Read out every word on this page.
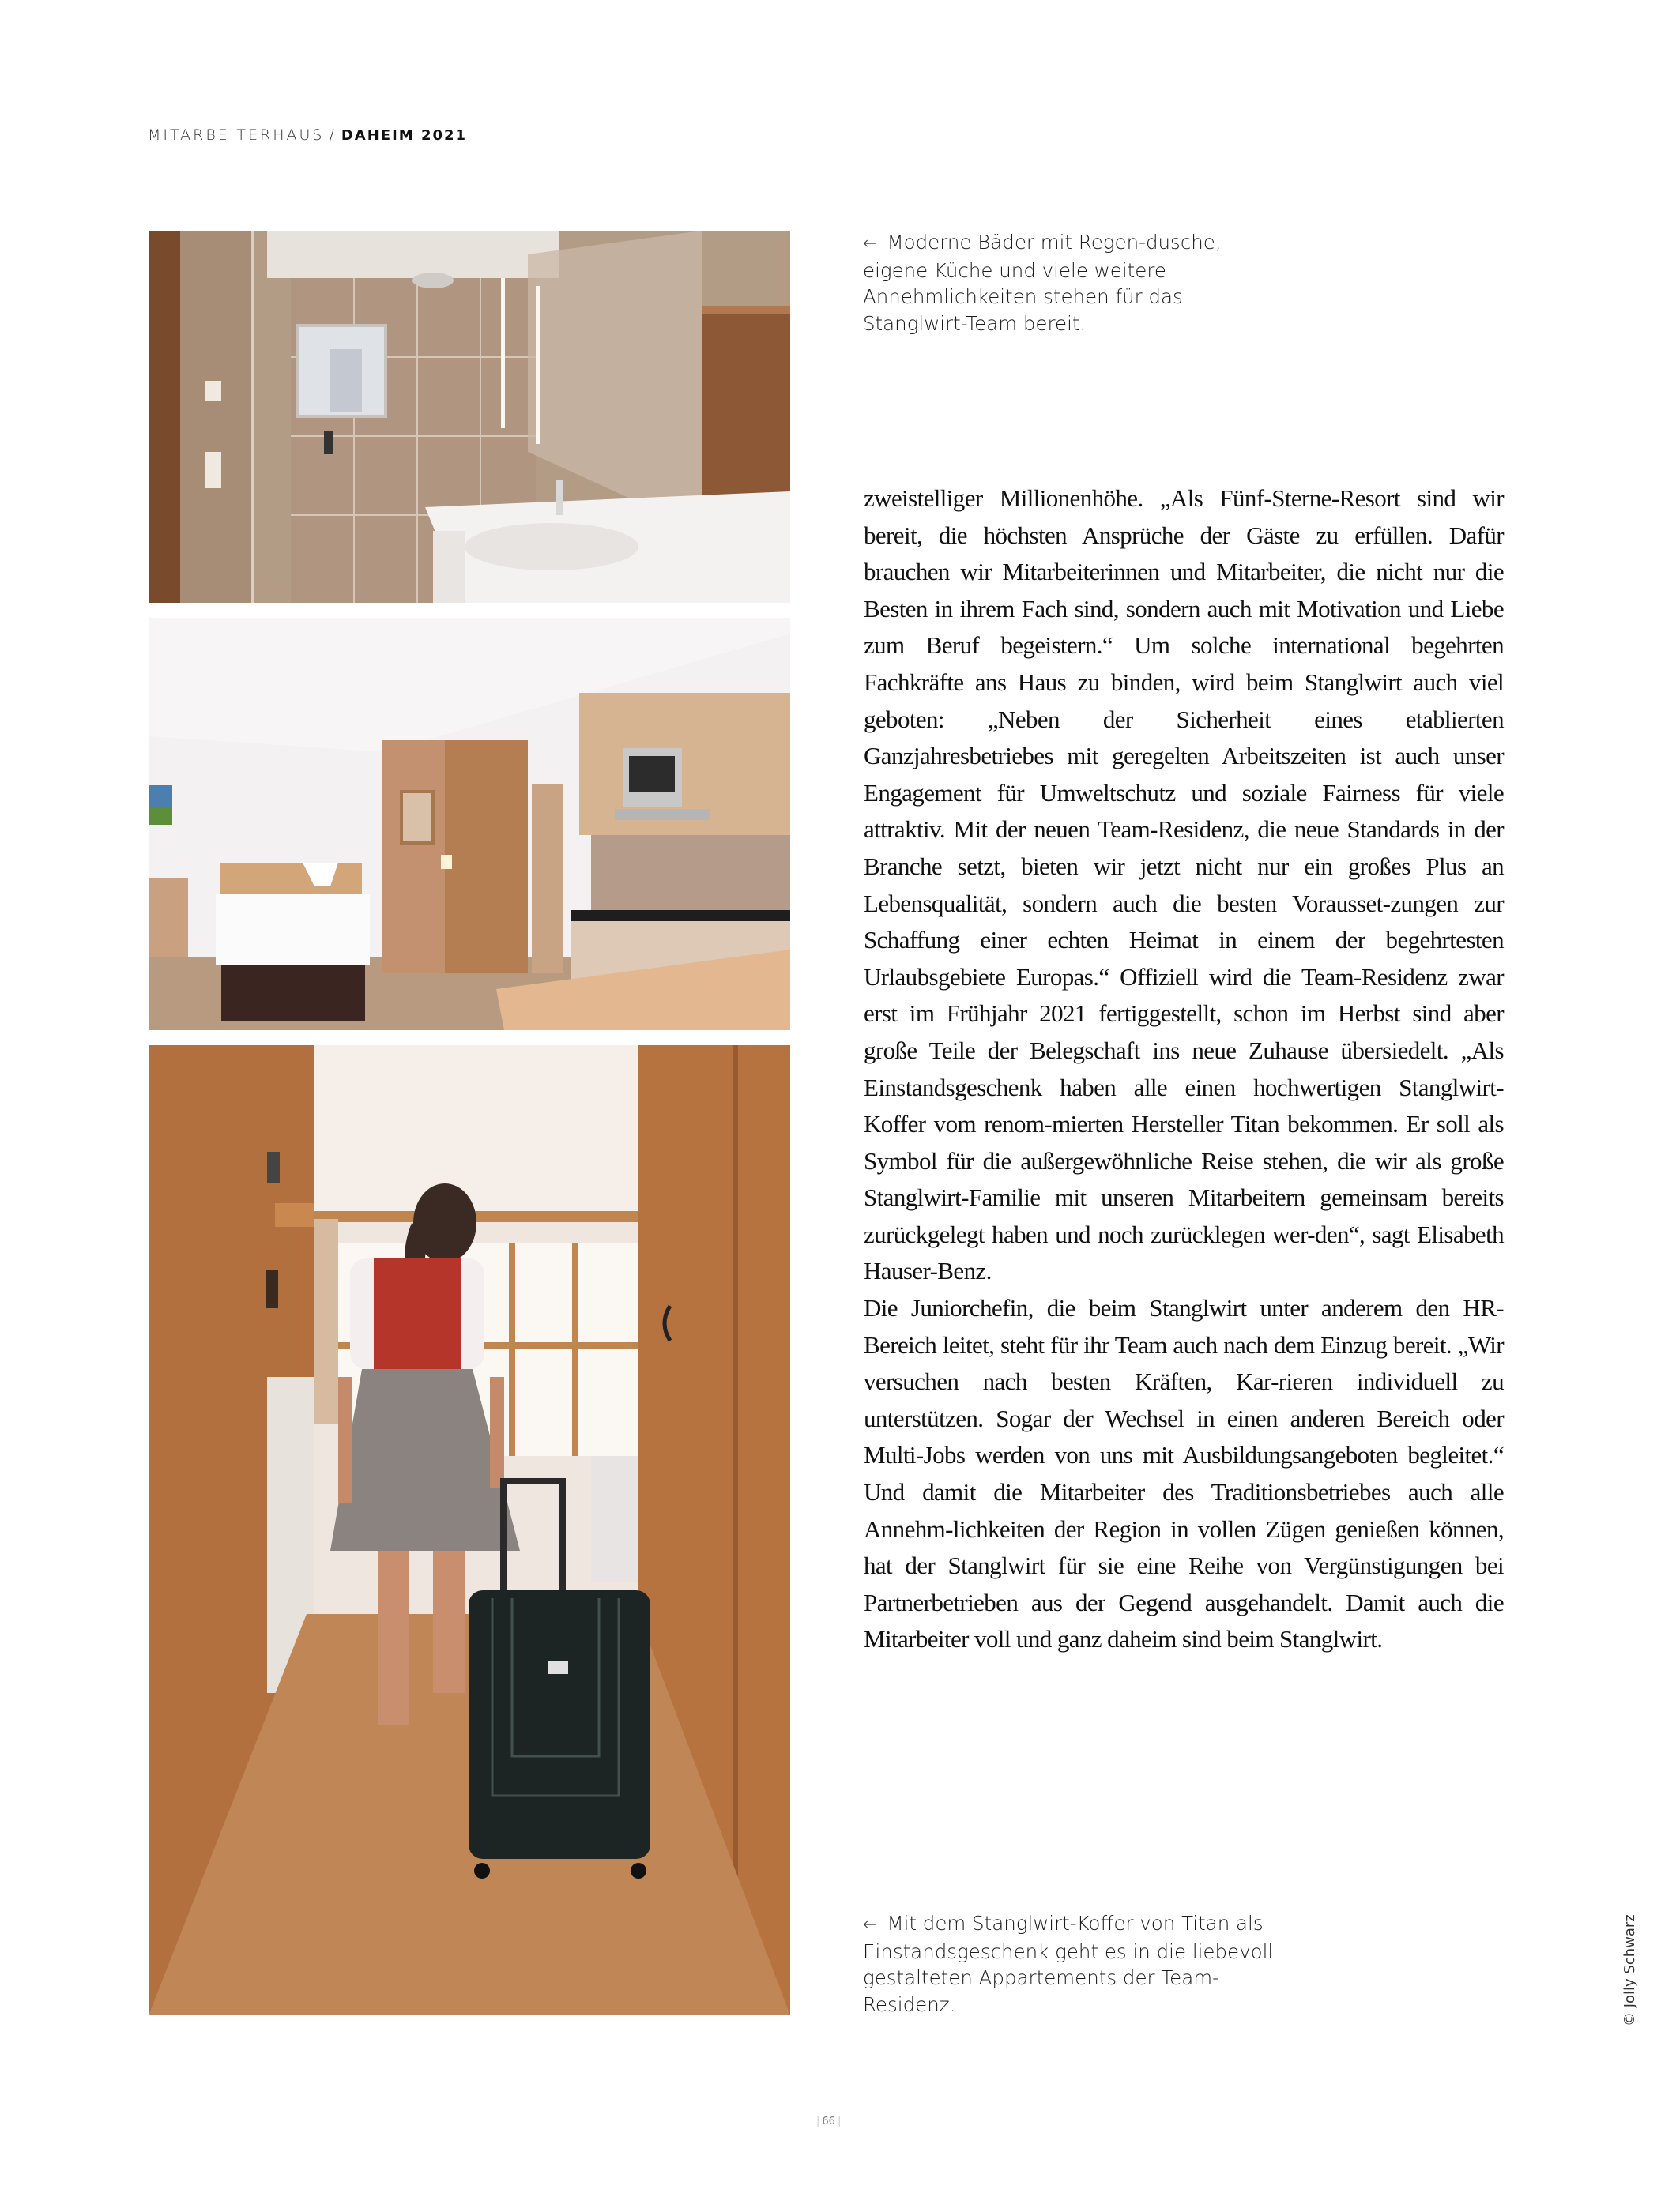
MITARBEITERHAUS / DAHEIM 2021
← Moderne Bäder mit Regen-dusche, eigene Küche und viele weitere Annehmlichkeiten stehen für das Stanglwirt-Team bereit.

zweistelliger Millionenhöhe. „Als Fünf-Sterne-Resort sind wir bereit, die höchsten Ansprüche der Gäste zu erfüllen. Dafür brauchen wir Mitarbeiterinnen und Mitarbeiter, die nicht nur die Besten in ihrem Fach sind, sondern auch mit Motivation und Liebe zum Beruf begeistern.“ Um solche international begehrten Fachkräfte ans Haus zu binden, wird beim Stanglwirt auch viel geboten: „Neben der Sicherheit eines etablierten Ganzjahresbetriebes mit geregelten Arbeitszeiten ist auch unser Engagement für Umweltschutz und soziale Fairness für viele attraktiv. Mit der neuen Team-Residenz, die neue Standards in der Branche setzt, bieten wir jetzt nicht nur ein großes Plus an Lebensqualität, sondern auch die besten Vorausset-zungen zur Schaffung einer echten Heimat in einem der begehrtesten Urlaubsgebiete Europas.“ Offiziell wird die Team-Residenz zwar erst im Frühjahr 2021 fertiggestellt, schon im Herbst sind aber große Teile der Belegschaft ins neue Zuhause übersiedelt. „Als Einstandsgeschenk haben alle einen hochwertigen Stanglwirt-Koffer vom renom-mierten Hersteller Titan bekommen. Er soll als Symbol für die außergewöhnliche Reise stehen, die wir als große Stanglwirt-Familie mit unseren Mitarbeitern gemeinsam bereits zurückgelegt haben und noch zurücklegen wer-den“, sagt Elisabeth Hauser-Benz.

Die Juniorchefin, die beim Stanglwirt unter anderem den HR-Bereich leitet, steht für ihr Team auch nach dem Einzug bereit. „Wir versuchen nach besten Kräften, Kar-rieren individuell zu unterstützen. Sogar der Wechsel in einen anderen Bereich oder Multi-Jobs werden von uns mit Ausbildungsangeboten begleitet.“ Und damit die Mitarbeiter des Traditionsbetriebes auch alle Annehm-lichkeiten der Region in vollen Zügen genießen können, hat der Stanglwirt für sie eine Reihe von Vergünstigungen bei Partnerbetrieben aus der Gegend ausgehandelt. Damit auch die Mitarbeiter voll und ganz daheim sind beim Stanglwirt.

← Mit dem Stanglwirt-Koffer von Titan als Einstandsgeschenk geht es in die liebevoll gestalteten Appartements der Team-Residenz.	© Jolly Schwarz
| 66 |
